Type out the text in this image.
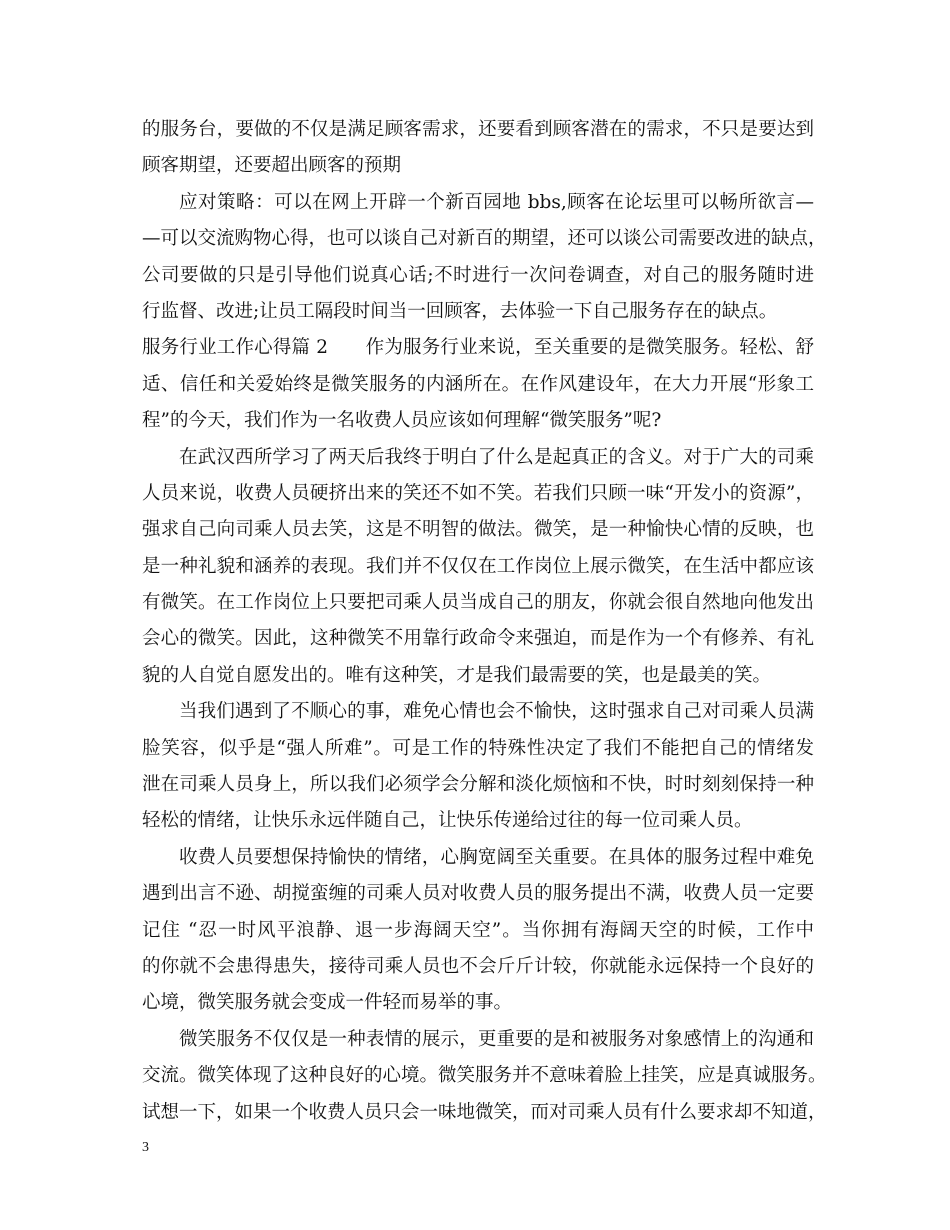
的服务台，要做的不仅是满足顾客需求，还要看到顾客潜在的需求，不只是要达到
顾客期望，还要超出顾客的预期
应对策略：可以在网上开辟一个新百园地 bbs,顾客在论坛里可以畅所欲言—
—可以交流购物心得，也可以谈自己对新百的期望，还可以谈公司需要改进的缺点，
公司要做的只是引导他们说真心话;不时进行一次问卷调查，对自己的服务随时进
行监督、改进;让员工隔段时间当一回顾客，去体验一下自己服务存在的缺点。
服务行业工作心得篇 2　　作为服务行业来说，至关重要的是微笑服务。轻松、舒
适、信任和关爱始终是微笑服务的内涵所在。在作风建设年，在大力开展“形象工
程”的今天，我们作为一名收费人员应该如何理解“微笑服务”呢?
在武汉西所学习了两天后我终于明白了什么是起真正的含义。对于广大的司乘
人员来说，收费人员硬挤出来的笑还不如不笑。若我们只顾一味“开发小的资源”，
强求自己向司乘人员去笑，这是不明智的做法。微笑，是一种愉快心情的反映，也
是一种礼貌和涵养的表现。我们并不仅仅在工作岗位上展示微笑，在生活中都应该
有微笑。在工作岗位上只要把司乘人员当成自己的朋友，你就会很自然地向他发出
会心的微笑。因此，这种微笑不用靠行政命令来强迫，而是作为一个有修养、有礼
貌的人自觉自愿发出的。唯有这种笑，才是我们最需要的笑，也是最美的笑。
当我们遇到了不顺心的事，难免心情也会不愉快，这时强求自己对司乘人员满
脸笑容，似乎是“强人所难”。可是工作的特殊性决定了我们不能把自己的情绪发
泄在司乘人员身上，所以我们必须学会分解和淡化烦恼和不快，时时刻刻保持一种
轻松的情绪，让快乐永远伴随自己，让快乐传递给过往的每一位司乘人员。
收费人员要想保持愉快的情绪，心胸宽阔至关重要。在具体的服务过程中难免
遇到出言不逊、胡搅蛮缠的司乘人员对收费人员的服务提出不满，收费人员一定要
记住 “忍一时风平浪静、退一步海阔天空”。当你拥有海阔天空的时候，工作中
的你就不会患得患失，接待司乘人员也不会斤斤计较，你就能永远保持一个良好的
心境，微笑服务就会变成一件轻而易举的事。
微笑服务不仅仅是一种表情的展示，更重要的是和被服务对象感情上的沟通和
交流。微笑体现了这种良好的心境。微笑服务并不意味着脸上挂笑，应是真诚服务。
试想一下，如果一个收费人员只会一味地微笑，而对司乘人员有什么要求却不知道，
3
